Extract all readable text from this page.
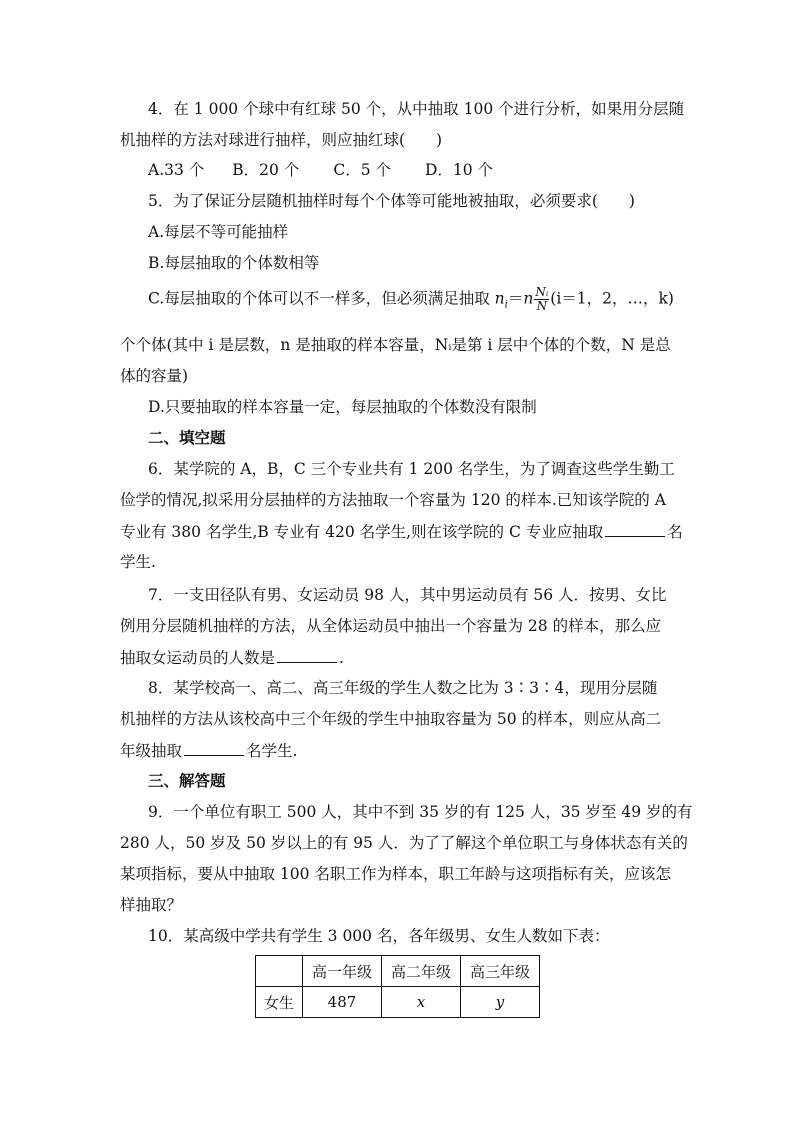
4．在 1 000 个球中有红球 50 个，从中抽取 100 个进行分析，如果用分层随
机抽样的方法对球进行抽样，则应抽红球(　　)
A.33 个 B．20 个 C．5 个 D．10 个
5．为了保证分层随机抽样时每个个体等可能地被抽取，必须要求(　　)
A.每层不等可能抽样
B.每层抽取的个体数相等
C.每层抽取的个体可以不一样多，但必须满足抽取 $n_i=n \frac{\text{Nᵢ}}{N} (i=1$，2，…，k)
个个体(其中 i 是层数，n 是抽取的样本容量，Nᵢ是第 i 层中个体的个数，N 是总
体的容量)
D.只要抽取的样本容量一定，每层抽取的个体数没有限制
二、填空题
6．某学院的 A，B，C 三个专业共有 1 200 名学生，为了调查这些学生勤工
俭学的情况,拟采用分层抽样的方法抽取一个容量为 120 的样本.已知该学院的 A
专业有 380 名学生,B 专业有 420 名学生,则在该学院的 C 专业应抽取	名
学生.
7．一支田径队有男、女运动员 98 人，其中男运动员有 56 人．按男、女比
例用分层随机抽样的方法，从全体运动员中抽出一个容量为 28 的样本，那么应
抽取女运动员的人数是	.
8．某学校高一、高二、高三年级的学生人数之比为 3∶3∶4，现用分层随
机抽样的方法从该校高中三个年级的学生中抽取容量为 50 的样本，则应从高二
年级抽取	名学生.
三、解答题
9．一个单位有职工 500 人，其中不到 35 岁的有 125 人，35 岁至 49 岁的有
280 人，50 岁及 50 岁以上的有 95 人．为了了解这个单位职工与身体状态有关的
某项指标，要从中抽取 100 名职工作为样本，职工年龄与这项指标有关，应该怎
样抽取？
10．某高级中学共有学生 3 000 名，各年级男、女生人数如下表：
	高一年级	高二年级	高三年级
女生	487	x	y
